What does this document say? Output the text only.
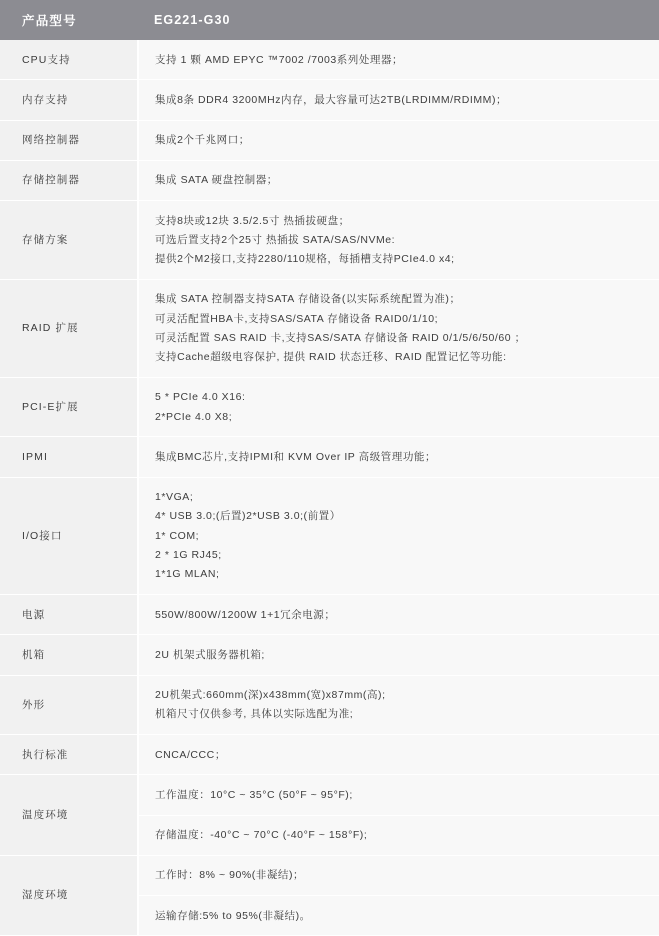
产品型号	EG221-G30
CPU支持	支持 1 颗 AMD EPYC ™7002 /7003系列处理器；

内存支持	集成8条 DDR4 3200MHz内存，最大容量可达2TB(LRDIMM/RDIMM)；

网络控制器	集成2个千兆网口；

存储控制器	集成 SATA 硬盘控制器；

存储方案	支持8块或12块 3.5/2.5寸 热插拔硬盘；
可选后置支持2个25寸 热插拔 SATA/SAS/NVMe:
提供2个M2接口,支持2280/110规格，每插槽支持PCIe4.0 x4;

RAID 扩展	集成 SATA 控制器支持SATA 存储设备(以实际系统配置为准)；
可灵活配置HBA卡,支持SAS/SATA 存储设备 RAID0/1/10;
可灵活配置 SAS RAID 卡,支持SAS/SATA 存储设备 RAID 0/1/5/6/50/60 ；
支持Cache超级电容保护, 提供 RAID 状态迁移、RAID 配置记忆等功能:

PCI-E扩展	5 * PCIe 4.0 X16:
2*PCIe 4.0 X8;

IPMI	集成BMC芯片,支持IPMI和 KVM Over IP 高级管理功能；

I/O接口	1*VGA;
4* USB 3.0;(后置)2*USB 3.0;(前置）
1* COM;
2 * 1G RJ45;
1*1G MLAN;

电源	550W/800W/1200W 1+1冗余电源；

机箱	2U 机架式服务器机箱;

外形	2U机架式:660mm(深)x438mm(宽)x87mm(高);
机箱尺寸仅供参考, 具体以实际选配为准;

执行标准	CNCA/CCC；

温度环境	工作温度：10°C ~ 35°C (50°F ~ 95°F);

	存储温度：-40°C ~ 70°C (-40°F ~ 158°F);

湿度环境	工作时：8% ~ 90%(非凝结)；

	运输存储:5% to 95%(非凝结)。
